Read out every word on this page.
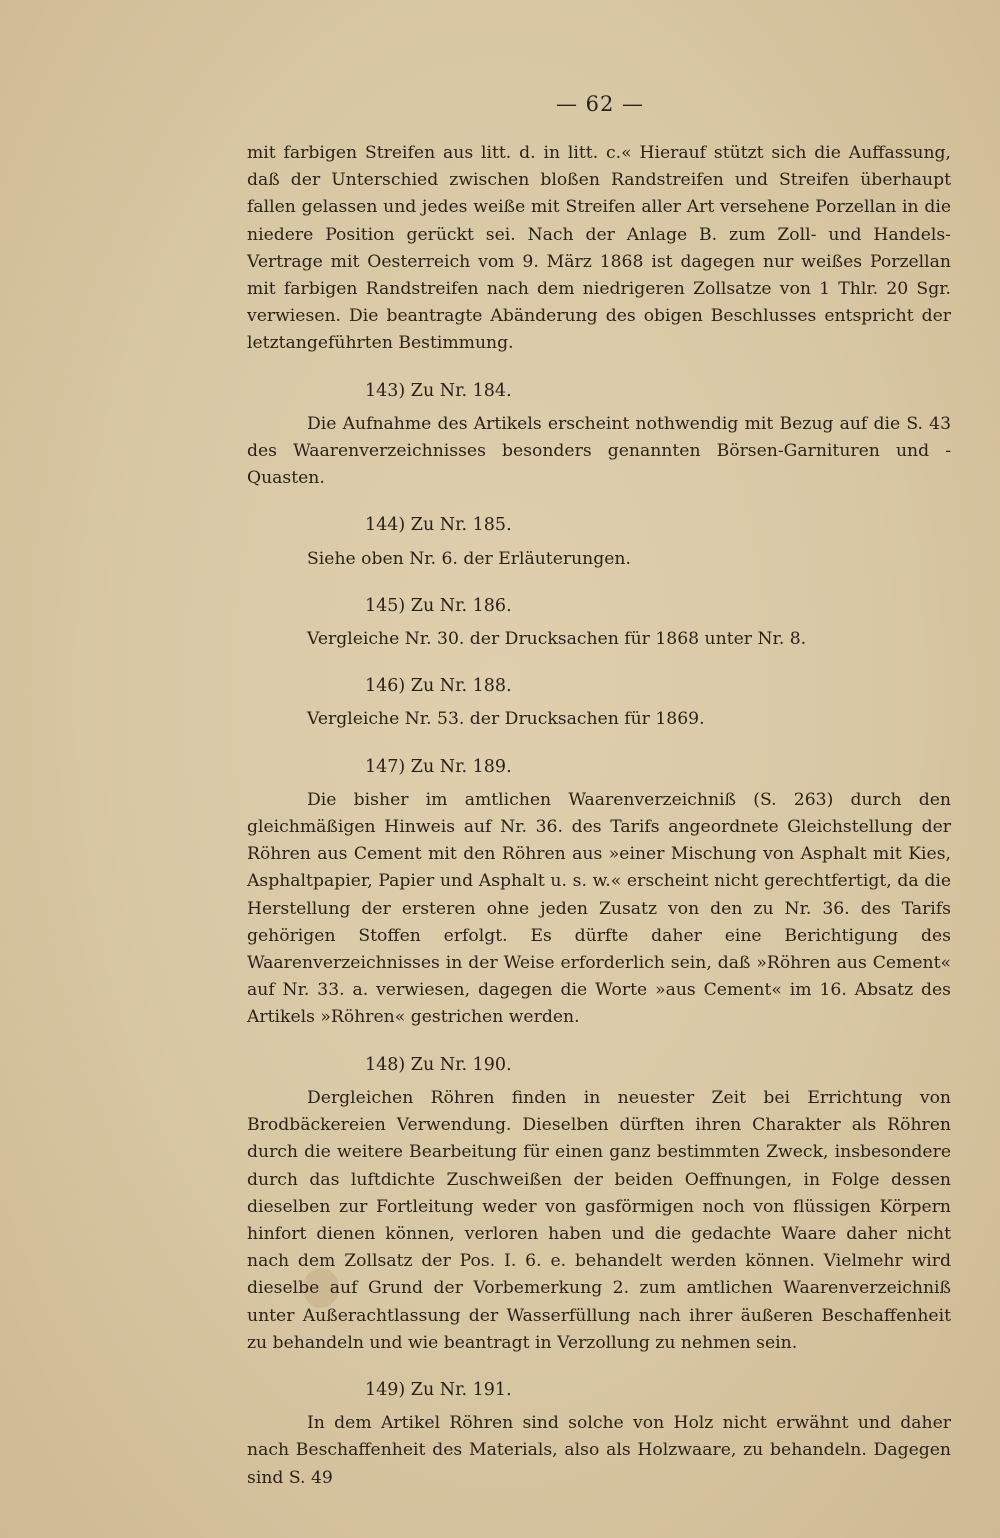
— 62 —

mit farbigen Streifen aus litt. d. in litt. c.« Hierauf stützt sich die Auffassung, daß der Unterschied zwischen bloßen Randstreifen und Streifen überhaupt fallen gelassen und jedes weiße mit Streifen aller Art versehene Porzellan in die niedere Position gerückt sei. Nach der Anlage B. zum Zoll- und Handels-Vertrage mit Oesterreich vom 9. März 1868 ist dagegen nur weißes Porzellan mit farbigen Randstreifen nach dem niedrigeren Zollsatze von 1 Thlr. 20 Sgr. verwiesen. Die beantragte Abänderung des obigen Beschlusses entspricht der letztangeführten Bestimmung.

143) Zu Nr. 184.

Die Aufnahme des Artikels erscheint nothwendig mit Bezug auf die S. 43 des Waarenverzeichnisses besonders genannten Börsen-Garnituren und -Quasten.

144) Zu Nr. 185.

Siehe oben Nr. 6. der Erläuterungen.

145) Zu Nr. 186.

Vergleiche Nr. 30. der Drucksachen für 1868 unter Nr. 8.

146) Zu Nr. 188.

Vergleiche Nr. 53. der Drucksachen für 1869.

147) Zu Nr. 189.

Die bisher im amtlichen Waarenverzeichniß (S. 263) durch den gleichmäßigen Hinweis auf Nr. 36. des Tarifs angeordnete Gleichstellung der Röhren aus Cement mit den Röhren aus »einer Mischung von Asphalt mit Kies, Asphaltpapier, Papier und Asphalt u. s. w.« erscheint nicht gerechtfertigt, da die Herstellung der ersteren ohne jeden Zusatz von den zu Nr. 36. des Tarifs gehörigen Stoffen erfolgt. Es dürfte daher eine Berichtigung des Waarenverzeichnisses in der Weise erforderlich sein, daß »Röhren aus Cement« auf Nr. 33. a. verwiesen, dagegen die Worte »aus Cement« im 16. Absatz des Artikels »Röhren« gestrichen werden.

148) Zu Nr. 190.

Dergleichen Röhren finden in neuester Zeit bei Errichtung von Brodbäckereien Verwendung. Dieselben dürften ihren Charakter als Röhren durch die weitere Bearbeitung für einen ganz bestimmten Zweck, insbesondere durch das luftdichte Zuschweißen der beiden Oeffnungen, in Folge dessen dieselben zur Fortleitung weder von gasförmigen noch von flüssigen Körpern hinfort dienen können, verloren haben und die gedachte Waare daher nicht nach dem Zollsatz der Pos. I. 6. e. behandelt werden können. Vielmehr wird dieselbe auf Grund der Vorbemerkung 2. zum amtlichen Waarenverzeichniß unter Außerachtlassung der Wasserfüllung nach ihrer äußeren Beschaffenheit zu behandeln und wie beantragt in Verzollung zu nehmen sein.

149) Zu Nr. 191.

In dem Artikel Röhren sind solche von Holz nicht erwähnt und daher nach Beschaffenheit des Materials, also als Holzwaare, zu behandeln. Dagegen sind S. 49
